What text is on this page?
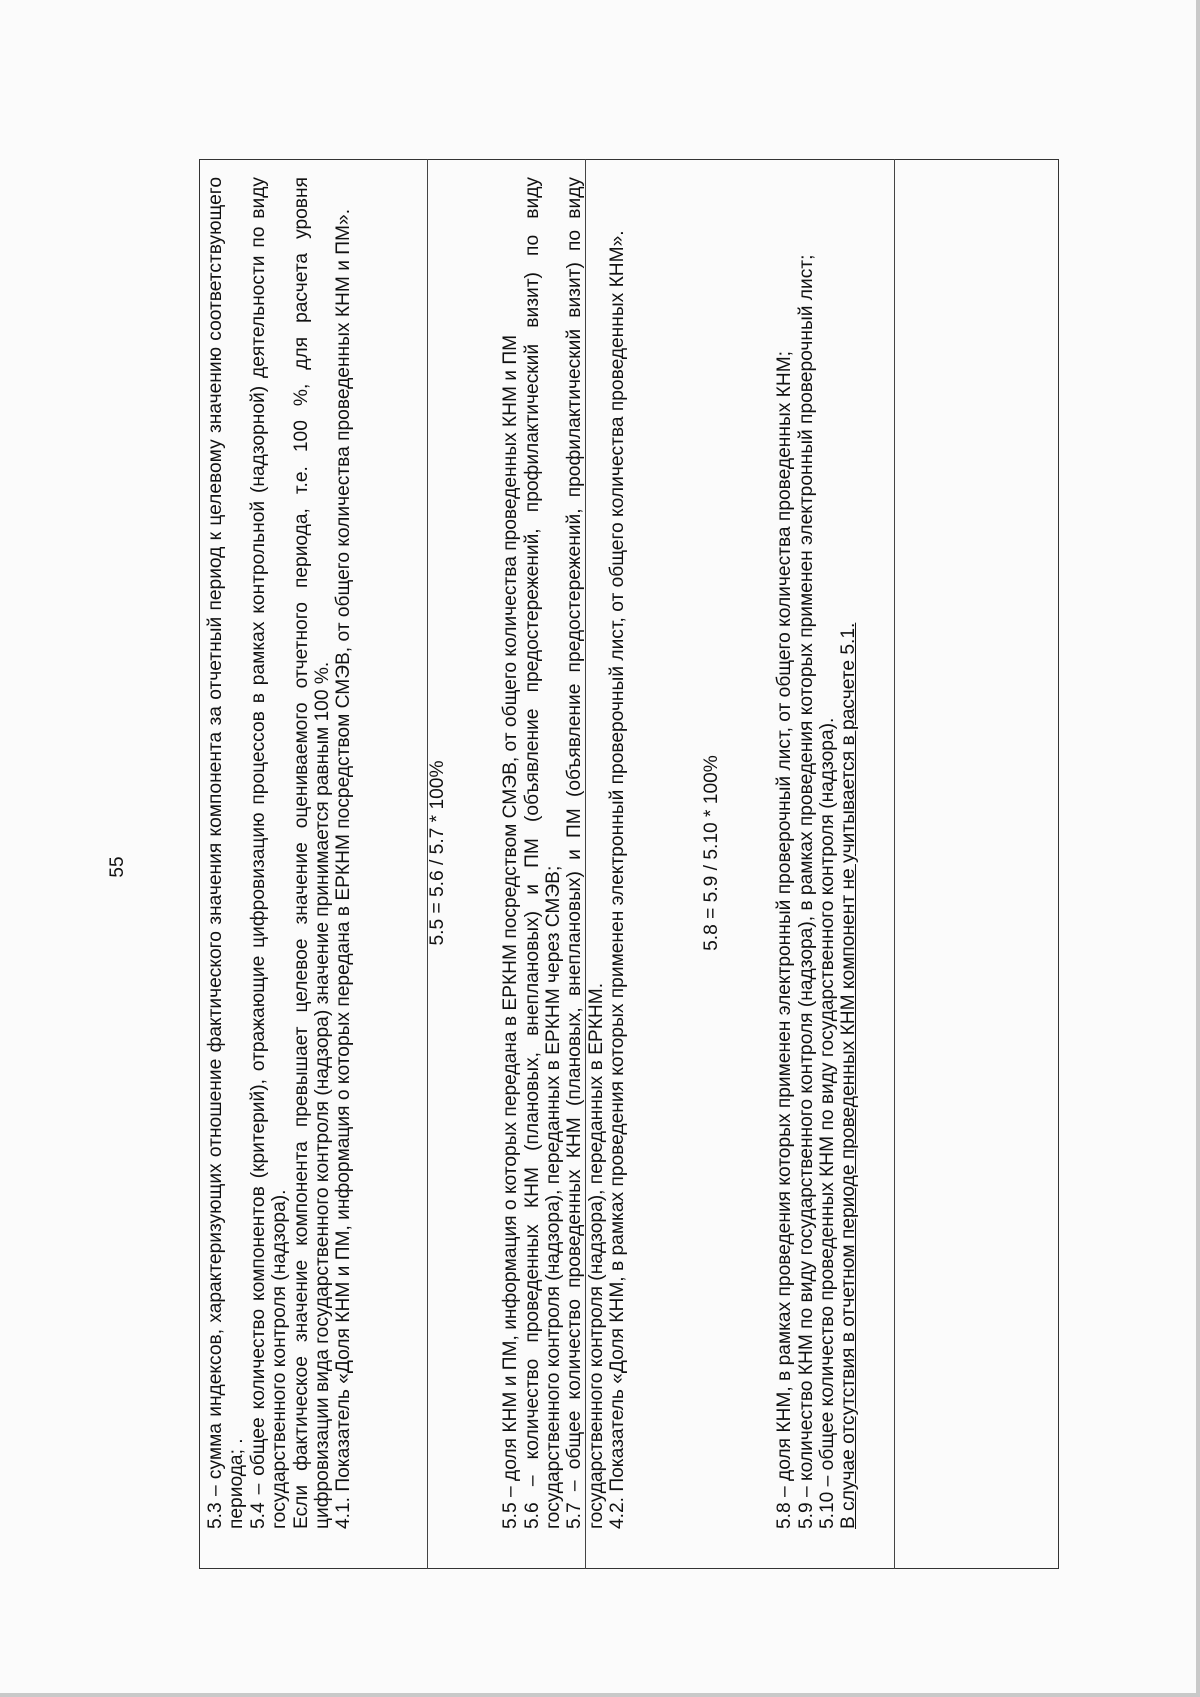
55	5.3 – сумма индексов, характеризующих отношение фактического значения компонента за отчетный период к целевому значению соответствующего периода; . 5.4 – общее количество компонентов (критерий), отражающие цифровизацию процессов в рамках контрольной (надзорной) деятельности по виду государственного контроля (надзора). Если фактическое значение компонента превышает целевое значение оцениваемого отчетного периода, т.е. 100 %, для расчета уровня цифровизации вида государственного контроля (надзора) значение принимается равным 100 %. 4.1. Показатель «Доля КНМ и ПМ, информация о которых передана в ЕРКНМ посредством СМЭВ, от общего количества проведенных КНМ и ПМ».	5.5 = 5.6 / 5.7 * 100%	5.5 – доля КНМ и ПМ, информация о которых передана в ЕРКНМ посредством СМЭВ, от общего количества проведенных КНМ и ПМ 5.6 – количество проведенных КНМ (плановых, внеплановых) и ПМ (объявление предостережений, профилактический визит) по виду государственного контроля (надзора), переданных в ЕРКНМ через СМЭВ; 5.7 – общее количество проведенных КНМ (плановых, внеплановых) и ПМ (объявление предостережений, профилактический визит) по виду государственного контроля (надзора), переданных в ЕРКНМ. 4.2. Показатель «Доля КНМ, в рамках проведения которых применен электронный проверочный лист, от общего количества проведенных КНМ».	5.8 = 5.9 / 5.10 * 100%	5.8 – доля КНМ, в рамках проведения которых применен электронный проверочный лист, от общего количества проведенных КНМ; 5.9 – количество КНМ по виду государственного контроля (надзора), в рамках проведения которых применен электронный проверочный лист; 5.10 – общее количество проведенных КНМ по виду государственного контроля (надзора). В случае отсутствия в отчетном периоде проведенных КНМ компонент не учитывается в расчете 5.1.
